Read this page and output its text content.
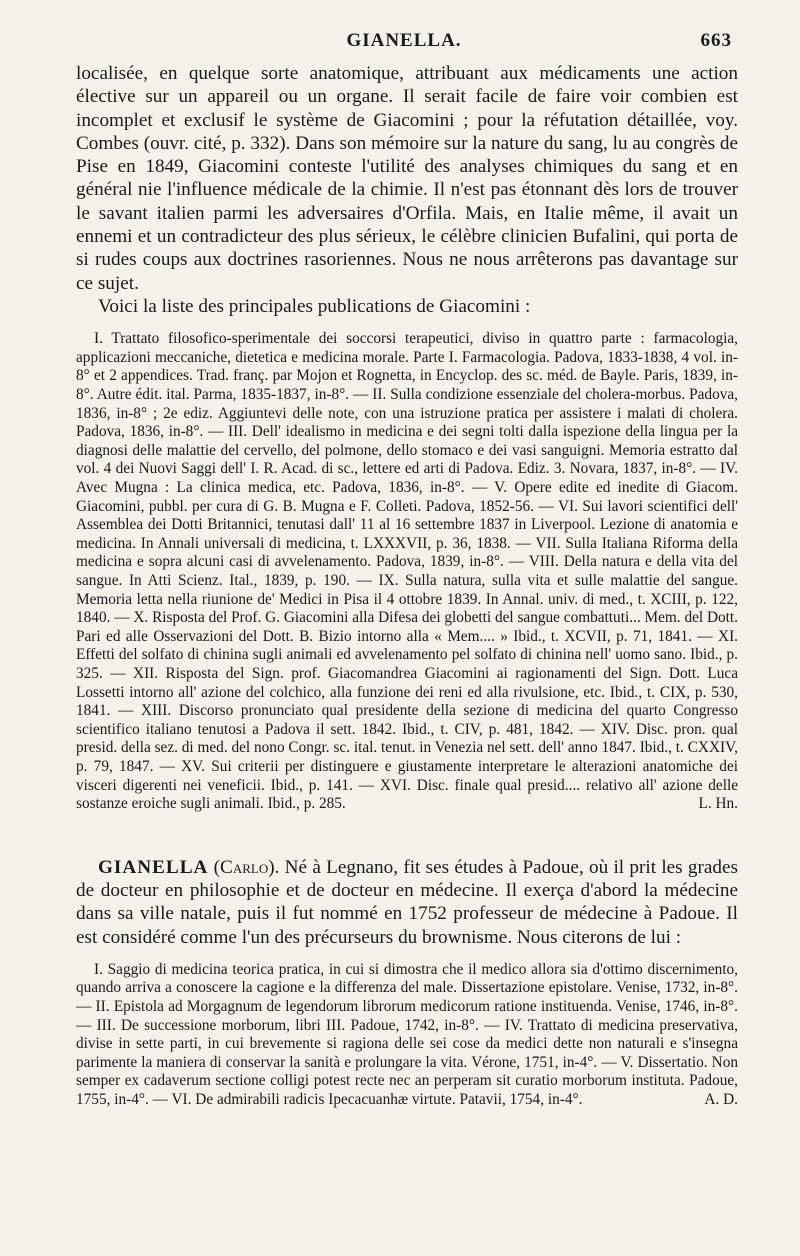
GIANELLA.	663

localisée, en quelque sorte anatomique, attribuant aux médicaments une action élective sur un appareil ou un organe. Il serait facile de faire voir combien est incomplet et exclusif le système de Giacomini ; pour la réfutation détaillée, voy. Combes (ouvr. cité, p. 332). Dans son mémoire sur la nature du sang, lu au congrès de Pise en 1849, Giacomini conteste l'utilité des analyses chimiques du sang et en général nie l'influence médicale de la chimie. Il n'est pas étonnant dès lors de trouver le savant italien parmi les adversaires d'Orfila. Mais, en Italie même, il avait un ennemi et un contradicteur des plus sérieux, le célèbre clinicien Bufalini, qui porta de si rudes coups aux doctrines rasoriennes. Nous ne nous arrêterons pas davantage sur ce sujet.

Voici la liste des principales publications de Giacomini :

I. Trattato filosofico-sperimentale dei soccorsi terapeutici, diviso in quattro parte : farmacologia, applicazioni meccaniche, dietetica e medicina morale. Parte I. Farmacologia. Padova, 1833-1838, 4 vol. in-8° et 2 appendices. Trad. franç. par Mojon et Rognetta, in Encyclop. des sc. méd. de Bayle. Paris, 1839, in-8°. Autre édit. ital. Parma, 1835-1837, in-8°. — II. Sulla condizione essenziale del cholera-morbus. Padova, 1836, in-8° ; 2e ediz. Aggiuntevi delle note, con una istruzione pratica per assistere i malati di cholera. Padova, 1836, in-8°. — III. Dell' idealismo in medicina e dei segni tolti dalla ispezione della lingua per la diagnosi delle malattie del cervello, del polmone, dello stomaco e dei vasi sanguigni. Memoria estratto dal vol. 4 dei Nuovi Saggi dell' I. R. Acad. di sc., lettere ed arti di Padova. Ediz. 3. Novara, 1837, in-8°. — IV. Avec Mugna : La clinica medica, etc. Padova, 1836, in-8°. — V. Opere edite ed inedite di Giacom. Giacomini, pubbl. per cura di G. B. Mugna e F. Colleti. Padova, 1852-56. — VI. Sui lavori scientifici dell' Assemblea dei Dotti Britannici, tenutasi dall' 11 al 16 settembre 1837 in Liverpool. Lezione di anatomia e medicina. In Annali universali di medicina, t. LXXXVII, p. 36, 1838. — VII. Sulla Italiana Riforma della medicina e sopra alcuni casi di avvelenamento. Padova, 1839, in-8°. — VIII. Della natura e della vita del sangue. In Atti Scienz. Ital., 1839, p. 190. — IX. Sulla natura, sulla vita et sulle malattie del sangue. Memoria letta nella riunione de' Medici in Pisa il 4 ottobre 1839. In Annal. univ. di med., t. XCIII, p. 122, 1840. — X. Risposta del Prof. G. Giacomini alla Difesa dei globetti del sangue combattuti... Mem. del Dott. Pari ed alle Osservazioni del Dott. B. Bizio intorno alla « Mem.... » Ibid., t. XCVII, p. 71, 1841. — XI. Effetti del solfato di chinina sugli animali ed avvelenamento pel solfato di chinina nell' uomo sano. Ibid., p. 325. — XII. Risposta del Sign. prof. Giacomandrea Giacomini ai ragionamenti del Sign. Dott. Luca Lossetti intorno all' azione del colchico, alla funzione dei reni ed alla rivulsione, etc. Ibid., t. CIX, p. 530, 1841. — XIII. Discorso pronunciato qual presidente della sezione di medicina del quarto Congresso scientifico italiano tenutosi a Padova il sett. 1842. Ibid., t. CIV, p. 481, 1842. — XIV. Disc. pron. qual presid. della sez. di med. del nono Congr. sc. ital. tenut. in Venezia nel sett. dell' anno 1847. Ibid., t. CXXIV, p. 79, 1847. — XV. Sui criterii per distinguere e giustamente interpretare le alterazioni anatomiche dei visceri digerenti nei veneficii. Ibid., p. 141. — XVI. Disc. finale qual presid.... relativo all' azione delle sostanze eroiche sugli animali. Ibid., p. 285.	L. Hn.

GIANELLA (Carlo). Né à Legnano, fit ses études à Padoue, où il prit les grades de docteur en philosophie et de docteur en médecine. Il exerça d'abord la médecine dans sa ville natale, puis il fut nommé en 1752 professeur de médecine à Padoue. Il est considéré comme l'un des précurseurs du brownisme. Nous citerons de lui :

I. Saggio di medicina teorica pratica, in cui si dimostra che il medico allora sia d'ottimo discernimento, quando arriva a conoscere la cagione e la differenza del male. Dissertazione epistolare. Venise, 1732, in-8°. — II. Epistola ad Morgagnum de legendorum librorum medicorum ratione instituenda. Venise, 1746, in-8°. — III. De successione morborum, libri III. Padoue, 1742, in-8°. — IV. Trattato di medicina preservativa, divise in sette parti, in cui brevemente si ragiona delle sei cose da medici dette non naturali e s'insegna parimente la maniera di conservar la sanità e prolungare la vita. Vérone, 1751, in-4°. — V. Dissertatio. Non semper ex cadaverum sectione colligi potest recte nec an perperam sit curatio morborum instituta. Padoue, 1755, in-4°. — VI. De admirabili radicis Ipecacuanhæ virtute. Patavii, 1754, in-4°.	A. D.
